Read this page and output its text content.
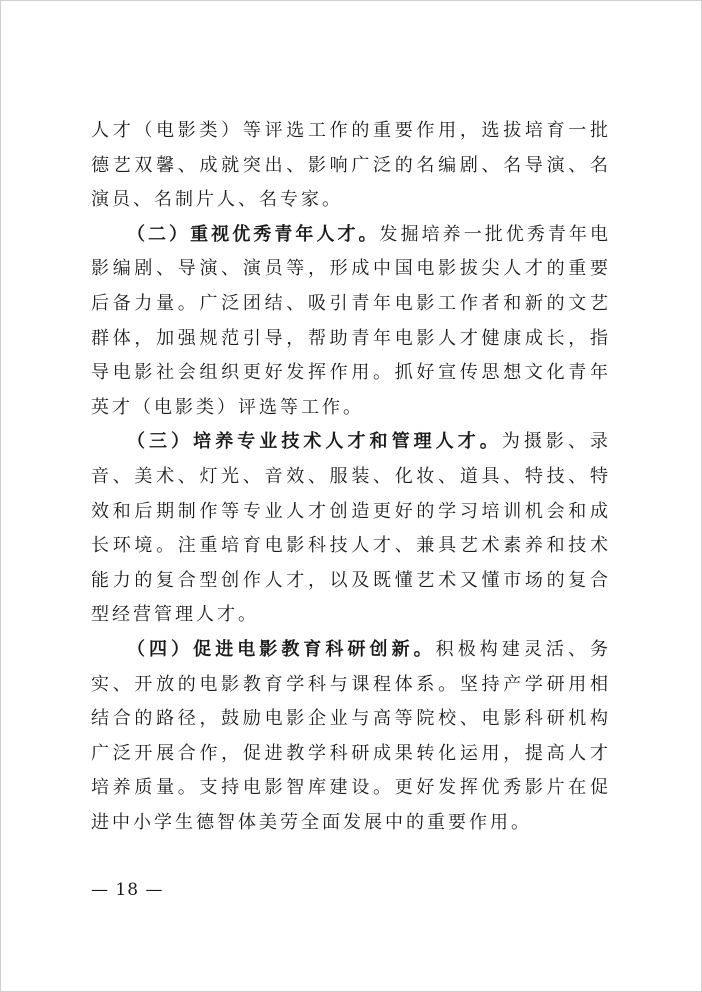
人才（电影类）等评选工作的重要作用，选拔培育一批德艺双馨、成就突出、影响广泛的名编剧、名导演、名演员、名制片人、名专家。

（二）重视优秀青年人才。发掘培养一批优秀青年电影编剧、导演、演员等，形成中国电影拔尖人才的重要后备力量。广泛团结、吸引青年电影工作者和新的文艺群体，加强规范引导，帮助青年电影人才健康成长，指导电影社会组织更好发挥作用。抓好宣传思想文化青年英才（电影类）评选等工作。

（三）培养专业技术人才和管理人才。为摄影、录音、美术、灯光、音效、服装、化妆、道具、特技、特效和后期制作等专业人才创造更好的学习培训机会和成长环境。注重培育电影科技人才、兼具艺术素养和技术能力的复合型创作人才，以及既懂艺术又懂市场的复合型经营管理人才。

（四）促进电影教育科研创新。积极构建灵活、务实、开放的电影教育学科与课程体系。坚持产学研用相结合的路径，鼓励电影企业与高等院校、电影科研机构广泛开展合作，促进教学科研成果转化运用，提高人才培养质量。支持电影智库建设。更好发挥优秀影片在促进中小学生德智体美劳全面发展中的重要作用。

— 18 —
